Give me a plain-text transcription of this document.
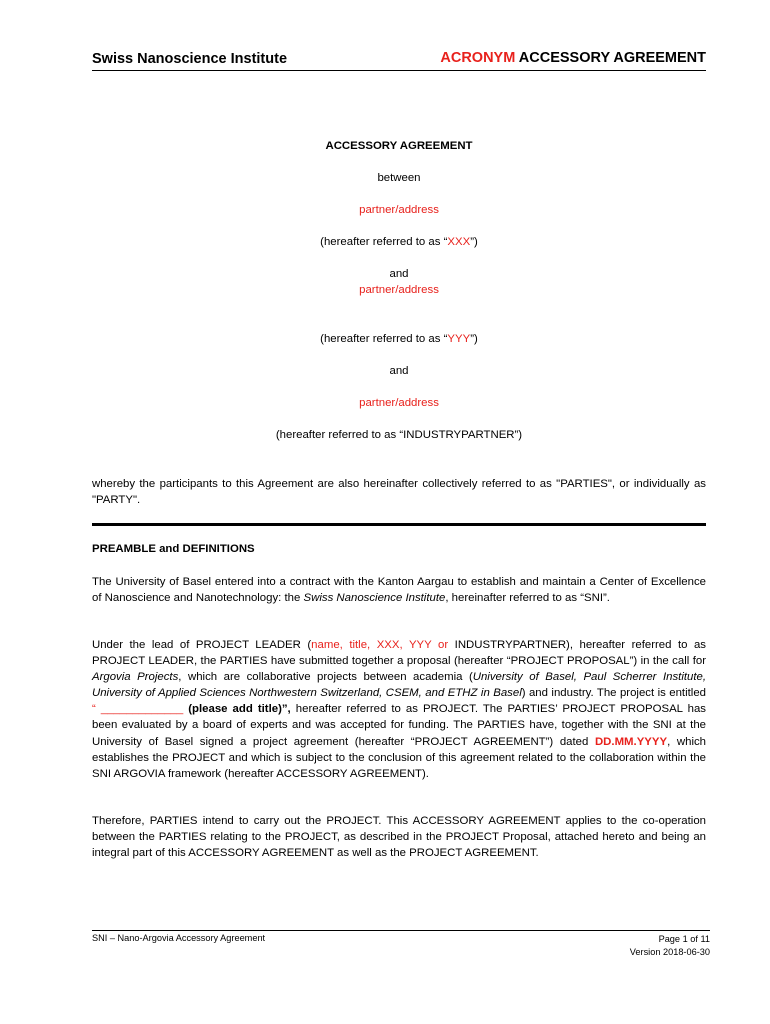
Swiss Nanoscience Institute	ACRONYM ACCESSORY AGREEMENT
ACCESSORY AGREEMENT
between
partner/address
(hereafter referred to as “XXX”)
and
partner/address
(hereafter referred to as “YYY”)
and
partner/address
(hereafter referred to as “INDUSTRYPARTNER”)
whereby the participants to this Agreement are also hereinafter collectively referred to as "PARTIES", or individually as "PARTY".
PREAMBLE and DEFINITIONS
The University of Basel entered into a contract with the Kanton Aargau to establish and maintain a Center of Excellence of Nanoscience and Nanotechnology: the Swiss Nanoscience Institute, hereinafter referred to as “SNI”.
Under the lead of PROJECT LEADER (name, title, XXX, YYY or INDUSTRYPARTNER), hereafter referred to as PROJECT LEADER, the PARTIES have submitted together a proposal (hereafter “PROJECT PROPOSAL”) in the call for Argovia Projects, which are collaborative projects between academia (University of Basel, Paul Scherrer Institute, University of Applied Sciences Northwestern Switzerland, CSEM, and ETHZ in Basel) and industry. The project is entitled “ _____________ (please add title)”, hereafter referred to as PROJECT. The PARTIES’ PROJECT PROPOSAL has been evaluated by a board of experts and was accepted for funding. The PARTIES have, together with the SNI at the University of Basel signed a project agreement (hereafter “PROJECT AGREEMENT”) dated DD.MM.YYYY, which establishes the PROJECT and which is subject to the conclusion of this agreement related to the collaboration within the SNI ARGOVIA framework (hereafter ACCESSORY AGREEMENT).
Therefore, PARTIES intend to carry out the PROJECT. This ACCESSORY AGREEMENT applies to the co-operation between the PARTIES relating to the PROJECT, as described in the PROJECT Proposal, attached hereto and being an integral part of this ACCESSORY AGREEMENT as well as the PROJECT AGREEMENT.
SNI – Nano-Argovia Accessory Agreement	Page 1 of 11
Version 2018-06-30
